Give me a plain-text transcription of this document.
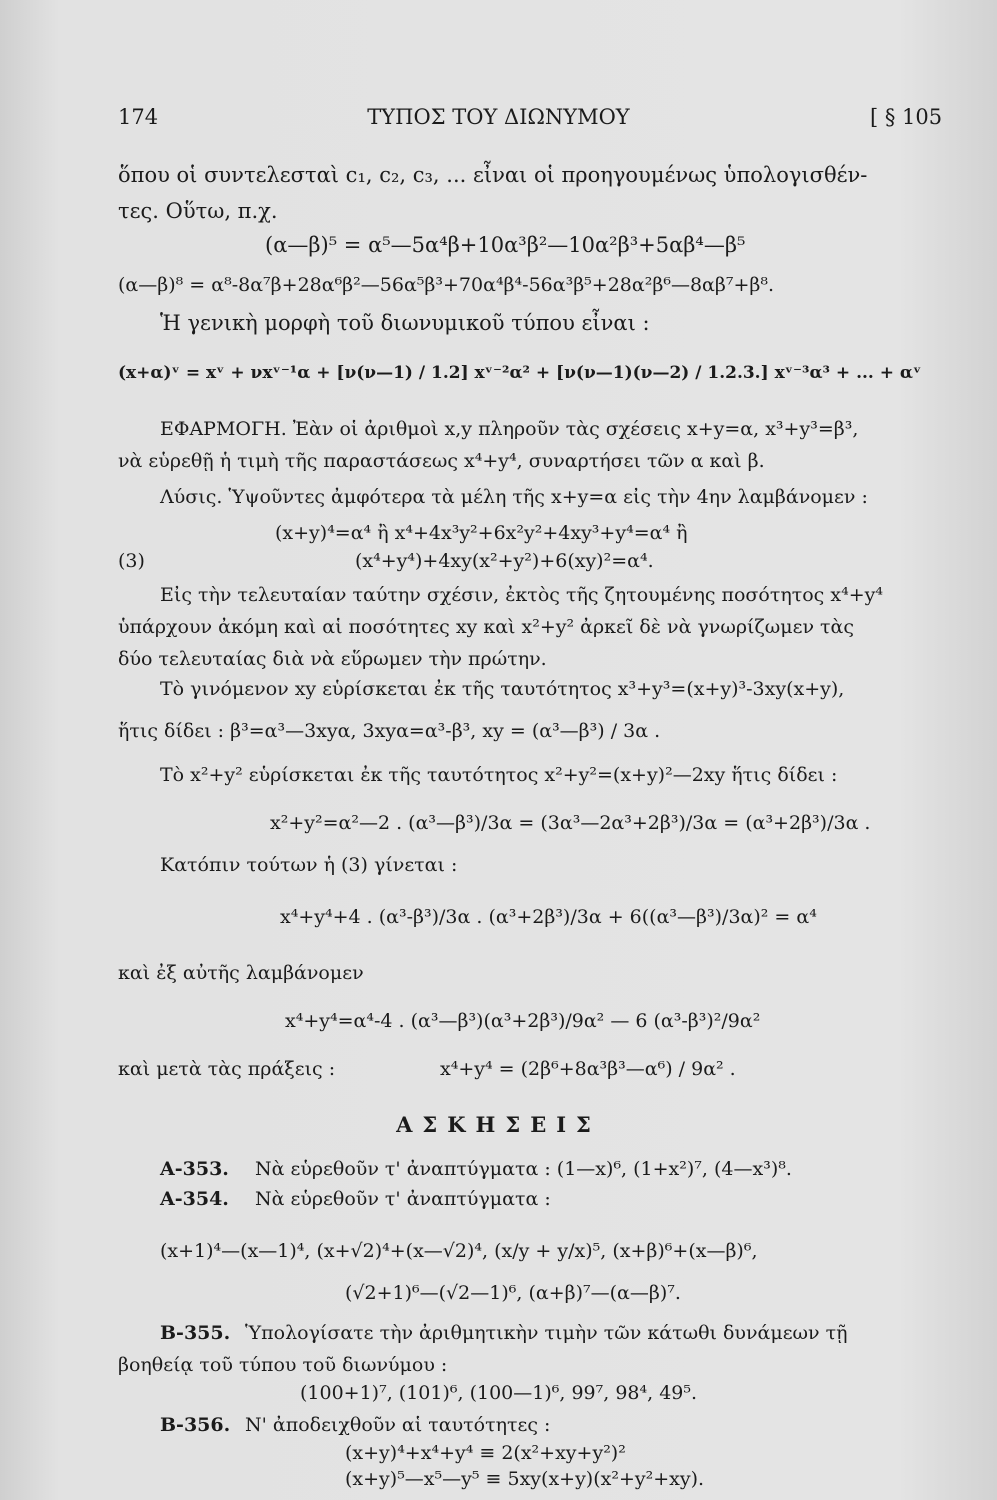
174	ΤΥΠΟΣ ΤΟΥ ΔΙΩΝΥΜΟΥ	[ § 105
ὅπου οἱ συντελεσταὶ c₁, c₂, c₃, ... εἶναι οἱ προηγουμένως ὑπολογισθέν-
τες. Οὕτω, π.χ.
(α—β)⁵ = α⁵—5α⁴β+10α³β²—10α²β³+5αβ⁴—β⁵
(α—β)⁸ = α⁸-8α⁷β+28α⁶β²—56α⁵β³+70α⁴β⁴-56α³β⁵+28α²β⁶—8αβ⁷+β⁸.
Ἡ γενικὴ μορφὴ τοῦ διωνυμικοῦ τύπου εἶναι :
(x+α)ᵛ = xᵛ + νxᵛ⁻¹α + [ν(ν—1) / 1.2] xᵛ⁻²α² + [ν(ν—1)(ν—2) / 1.2.3.] xᵛ⁻³α³ + ... + αᵛ
ΕΦΑΡΜΟΓΗ. Ἐὰν οἱ ἀριθμοὶ x,y πληροῦν τὰς σχέσεις x+y=α, x³+y³=β³,
νὰ εὑρεθῇ ἡ τιμὴ τῆς παραστάσεως x⁴+y⁴, συναρτήσει τῶν α καὶ β.
Λύσις. Ὑψοῦντες ἀμφότερα τὰ μέλη τῆς x+y=α εἰς τὴν 4ην λαμβάνομεν :
(x+y)⁴=α⁴ ἢ x⁴+4x³y²+6x²y²+4xy³+y⁴=α⁴ ἢ
(3)	(x⁴+y⁴)+4xy(x²+y²)+6(xy)²=α⁴.
Εἰς τὴν τελευταίαν ταύτην σχέσιν, ἐκτὸς τῆς ζητουμένης ποσότητος x⁴+y⁴
ὑπάρχουν ἀκόμη καὶ αἱ ποσότητες xy καὶ x²+y² ἀρκεῖ δὲ νὰ γνωρίζωμεν τὰς
δύο τελευταίας διὰ νὰ εὕρωμεν τὴν πρώτην.
Τὸ γινόμενον xy εὑρίσκεται ἐκ τῆς ταυτότητος x³+y³=(x+y)³-3xy(x+y),
ἥτις δίδει : β³=α³—3xyα, 3xyα=α³-β³, xy = (α³—β³) / 3α .
Τὸ x²+y² εὑρίσκεται ἐκ τῆς ταυτότητος x²+y²=(x+y)²—2xy ἥτις δίδει :
x²+y²=α²—2 . (α³—β³)/3α = (3α³—2α³+2β³)/3α = (α³+2β³)/3α .
Κατόπιν τούτων ἡ (3) γίνεται :
x⁴+y⁴+4 . (α³-β³)/3α . (α³+2β³)/3α + 6((α³—β³)/3α)² = α⁴
καὶ ἐξ αὐτῆς λαμβάνομεν
x⁴+y⁴=α⁴-4 . (α³—β³)(α³+2β³)/9α² — 6 (α³-β³)²/9α²
καὶ μετὰ τὰς πράξεις :	x⁴+y⁴ = (2β⁶+8α³β³—α⁶) / 9α² .
ΑΣΚΗΣΕΙΣ
Α-353. Νὰ εὑρεθοῦν τ' ἀναπτύγματα : (1—x)⁶, (1+x²)⁷, (4—x³)⁸.
Α-354. Νὰ εὑρεθοῦν τ' ἀναπτύγματα :
(x+1)⁴—(x—1)⁴, (x+√2)⁴+(x—√2)⁴, (x/y + y/x)⁵, (x+β)⁶+(x—β)⁶,
(√2+1)⁶—(√2—1)⁶, (α+β)⁷—(α—β)⁷.
Β-355. Ὑπολογίσατε τὴν ἀριθμητικὴν τιμὴν τῶν κάτωθι δυνάμεων τῇ
βοηθείᾳ τοῦ τύπου τοῦ διωνύμου :
(100+1)⁷, (101)⁶, (100—1)⁶, 99⁷, 98⁴, 49⁵.
Β-356. Ν' ἀποδειχθοῦν αἱ ταυτότητες :
(x+y)⁴+x⁴+y⁴ ≡ 2(x²+xy+y²)²
(x+y)⁵—x⁵—y⁵ ≡ 5xy(x+y)(x²+y²+xy).
